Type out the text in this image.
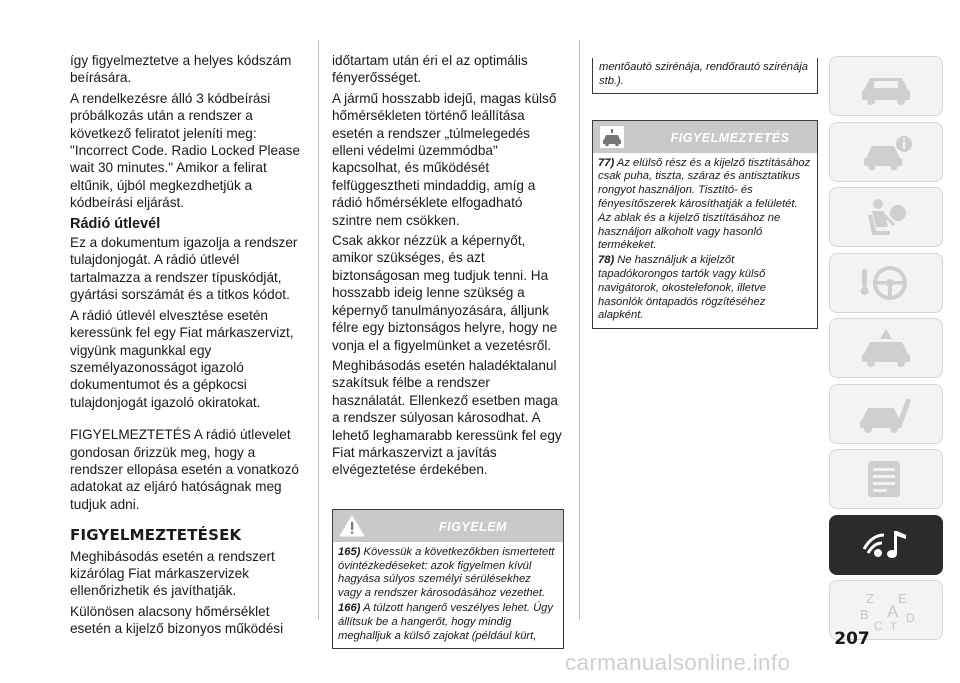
így figyelmeztetve a helyes kódszám beírására.

A rendelkezésre álló 3 kódbeírási próbálkozás után a rendszer a következő feliratot jeleníti meg: "Incorrect Code. Radio Locked Please wait 30 minutes." Amikor a felirat eltűnik, újból megkezdhetjük a kódbeírási eljárást.

Rádió útlevél

Ez a dokumentum igazolja a rendszer tulajdonjogát. A rádió útlevél tartalmazza a rendszer típuskódját, gyártási sorszámát és a titkos kódot.

A rádió útlevél elvesztése esetén keressünk fel egy Fiat márkaszervizt, vigyünk magunkkal egy személyazonosságot igazoló dokumentumot és a gépkocsi tulajdonjogát igazoló okiratokat.

FIGYELMEZTETÉS A rádió útlevelet gondosan őrizzük meg, hogy a rendszer ellopása esetén a vonatkozó adatokat az eljáró hatóságnak meg tudjuk adni.

FIGYELMEZTETÉSEK

Meghibásodás esetén a rendszert kizárólag Fiat márkaszervizek ellenőrizhetik és javíthatják.

Különösen alacsony hőmérséklet esetén a kijelző bizonyos működési

időtartam után éri el az optimális fényerősséget.

A jármű hosszabb idejű, magas külső hőmérsékleten történő leállítása esetén a rendszer „túlmelegedés elleni védelmi üzemmódba" kapcsolhat, és működését felfüggesztheti mindaddig, amíg a rádió hőmérséklete elfogadható szintre nem csökken.

Csak akkor nézzük a képernyőt, amikor szükséges, és azt biztonságosan meg tudjuk tenni. Ha hosszabb ideig lenne szükség a képernyő tanulmányozására, álljunk félre egy biztonságos helyre, hogy ne vonja el a figyelmünket a vezetésről.

Meghibásodás esetén haladéktalanul szakítsuk félbe a rendszer használatát. Ellenkező esetben maga a rendszer súlyosan károsodhat. A lehető leghamarabb keressünk fel egy Fiat márkaszervizt a javítás elvégeztetése érdekében.

FIGYELEM

165) Kövessük a következőkben ismertetett óvintézkedéseket: azok figyelmen kívül hagyása súlyos személyi sérülésekhez vagy a rendszer károsodásához vezethet.

166) A túlzott hangerő veszélyes lehet. Úgy állítsuk be a hangerőt, hogy mindig meghalljuk a külső zajokat (például kürt,

mentőautó szirénája, rendőrautó szirénája stb.).
FIGYELMEZTETÉS

77) Az elülső rész és a kijelző tisztításához csak puha, tiszta, száraz és antisztatikus rongyot használjon. Tisztító- és fényesítőszerek károsíthatják a felületét. Az ablak és a kijelző tisztításához ne használjon alkoholt vagy hasonló termékeket.

78) Ne használjuk a kijelzőt tapadókorongos tartók vagy külső navigátorok, okostelefonok, illetve hasonlók öntapadós rögzítéséhez alapként.

Z E
B A
C
D
T
207
carmanualsonline.info
